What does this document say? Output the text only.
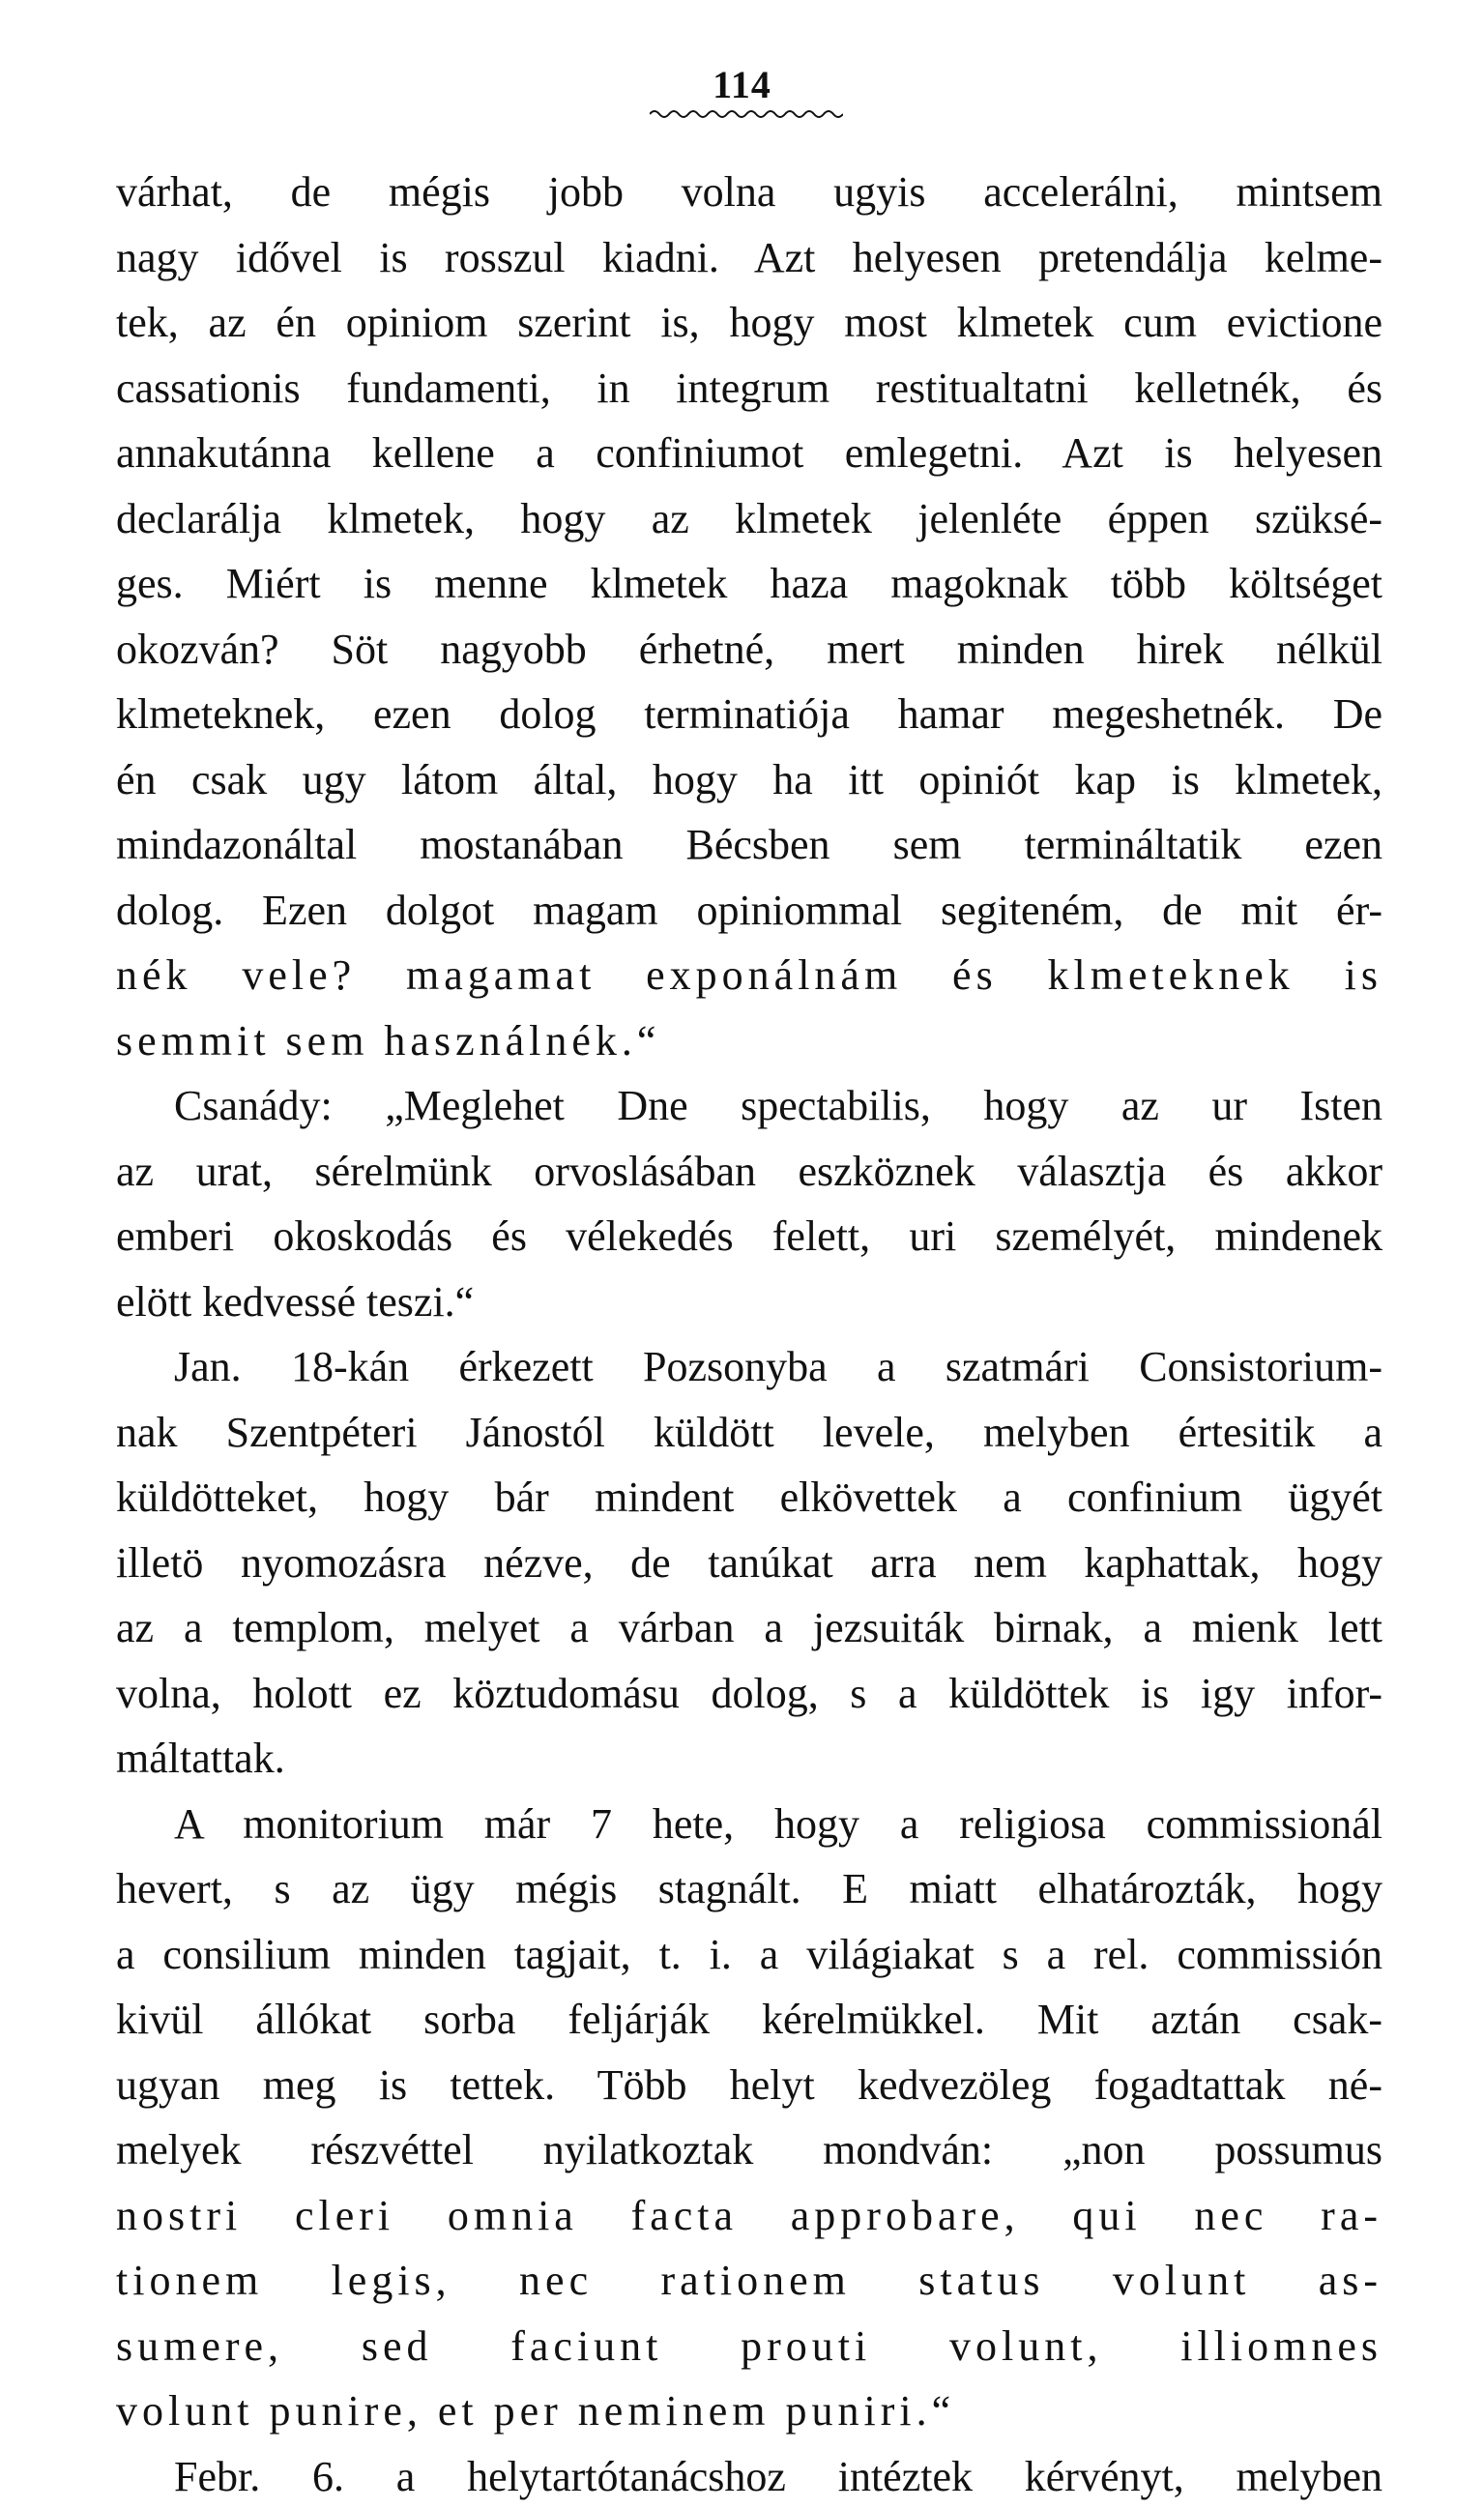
114
várhat, de mégis jobb volna ugyis accelerálni, mintsem
nagy idővel is rosszul kiadni. Azt helyesen pretendálja kelme-
tek, az én opiniom szerint is, hogy most klmetek cum evictione
cassationis fundamenti, in integrum restitualtatni kelletnék, és
annakutánna kellene a confiniumot emlegetni. Azt is helyesen
declarálja klmetek, hogy az klmetek jelenléte éppen szüksé-
ges. Miért is menne klmetek haza magoknak több költséget
okozván? Söt nagyobb érhetné, mert minden hirek nélkül
klmeteknek, ezen dolog terminatiója hamar megeshetnék. De
én csak ugy látom által, hogy ha itt opiniót kap is klmetek,
mindazonáltal mostanában Bécsben sem termináltatik ezen
dolog. Ezen dolgot magam opiniommal segiteném, de mit ér-
nék vele? magamat exponálnám és klmeteknek is
semmit sem használnék.“
Csanády: „Meglehet Dne spectabilis, hogy az ur Isten
az urat, sérelmünk orvoslásában eszköznek választja és akkor
emberi okoskodás és vélekedés felett, uri személyét, mindenek
elött kedvessé teszi.“
Jan. 18-kán érkezett Pozsonyba a szatmári Consistorium-
nak Szentpéteri Jánostól küldött levele, melyben értesitik a
küldötteket, hogy bár mindent elkövettek a confinium ügyét
illetö nyomozásra nézve, de tanúkat arra nem kaphattak, hogy
az a templom, melyet a várban a jezsuiták birnak, a mienk lett
volna, holott ez köztudomásu dolog, s a küldöttek is igy infor-
máltattak.
A monitorium már 7 hete, hogy a religiosa commissionál
hevert, s az ügy mégis stagnált. E miatt elhatározták, hogy
a consilium minden tagjait, t. i. a világiakat s a rel. commissión
kivül állókat sorba feljárják kérelmükkel. Mit aztán csak-
ugyan meg is tettek. Több helyt kedvezöleg fogadtattak né-
melyek részvéttel nyilatkoztak mondván: „non possumus
nostri cleri omnia facta approbare, qui nec ra-
tionem legis, nec rationem status volunt as-
sumere, sed faciunt prouti volunt, illiomnes
volunt punire, et per neminem puniri.“
Febr. 6. a helytartótanácshoz intéztek kérvényt, melyben
